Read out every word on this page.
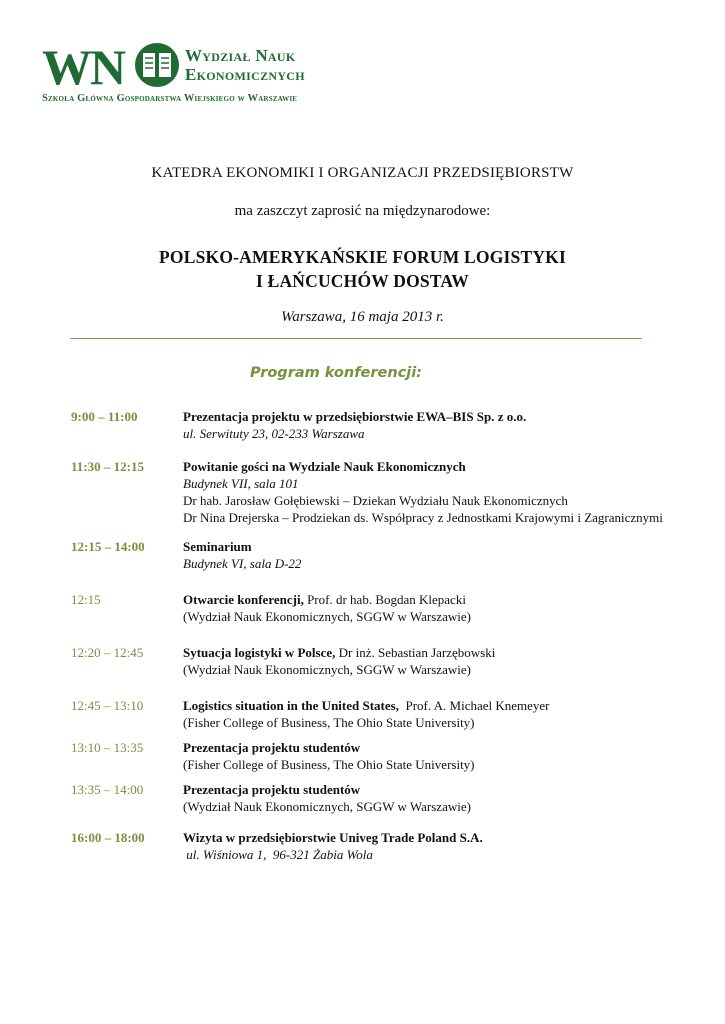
WN	Wydział Nauk
Ekonomicznych
Szkoła Główna Gospodarstwa Wiejskiego w Warszawie
KATEDRA EKONOMIKI I ORGANIZACJI PRZEDSIĘBIORSTW
ma zaszczyt zaprosić na międzynarodowe:
POLSKO-AMERYKAŃSKIE FORUM LOGISTYKI
I ŁAŃCUCHÓW DOSTAW
Warszawa, 16 maja 2013 r.
Program konferencji:
9:00 – 11:00	Prezentacja projektu w przedsiębiorstwie EWA–BIS Sp. z o.o.
ul. Serwituty 23, 02-233 Warszawa
11:30 – 12:15	Powitanie gości na Wydziale Nauk Ekonomicznych
Budynek VII, sala 101
Dr hab. Jarosław Gołębiewski – Dziekan Wydziału Nauk Ekonomicznych
Dr Nina Drejerska – Prodziekan ds. Współpracy z Jednostkami Krajowymi i Zagranicznymi
12:15 – 14:00	Seminarium
Budynek VI, sala D-22
12:15	Otwarcie konferencji, Prof. dr hab. Bogdan Klepacki
(Wydział Nauk Ekonomicznych, SGGW w Warszawie)
12:20 – 12:45	Sytuacja logistyki w Polsce, Dr inż. Sebastian Jarzębowski
(Wydział Nauk Ekonomicznych, SGGW w Warszawie)
12:45 – 13:10	Logistics situation in the United States,  Prof. A. Michael Knemeyer
(Fisher College of Business, The Ohio State University)
13:10 – 13:35	Prezentacja projektu studentów
(Fisher College of Business, The Ohio State University)
13:35 – 14:00	Prezentacja projektu studentów
(Wydział Nauk Ekonomicznych, SGGW w Warszawie)
16:00 – 18:00	Wizyta w przedsiębiorstwie Univeg Trade Poland S.A.
ul. Wiśniowa 1,  96-321 Żabia Wola
